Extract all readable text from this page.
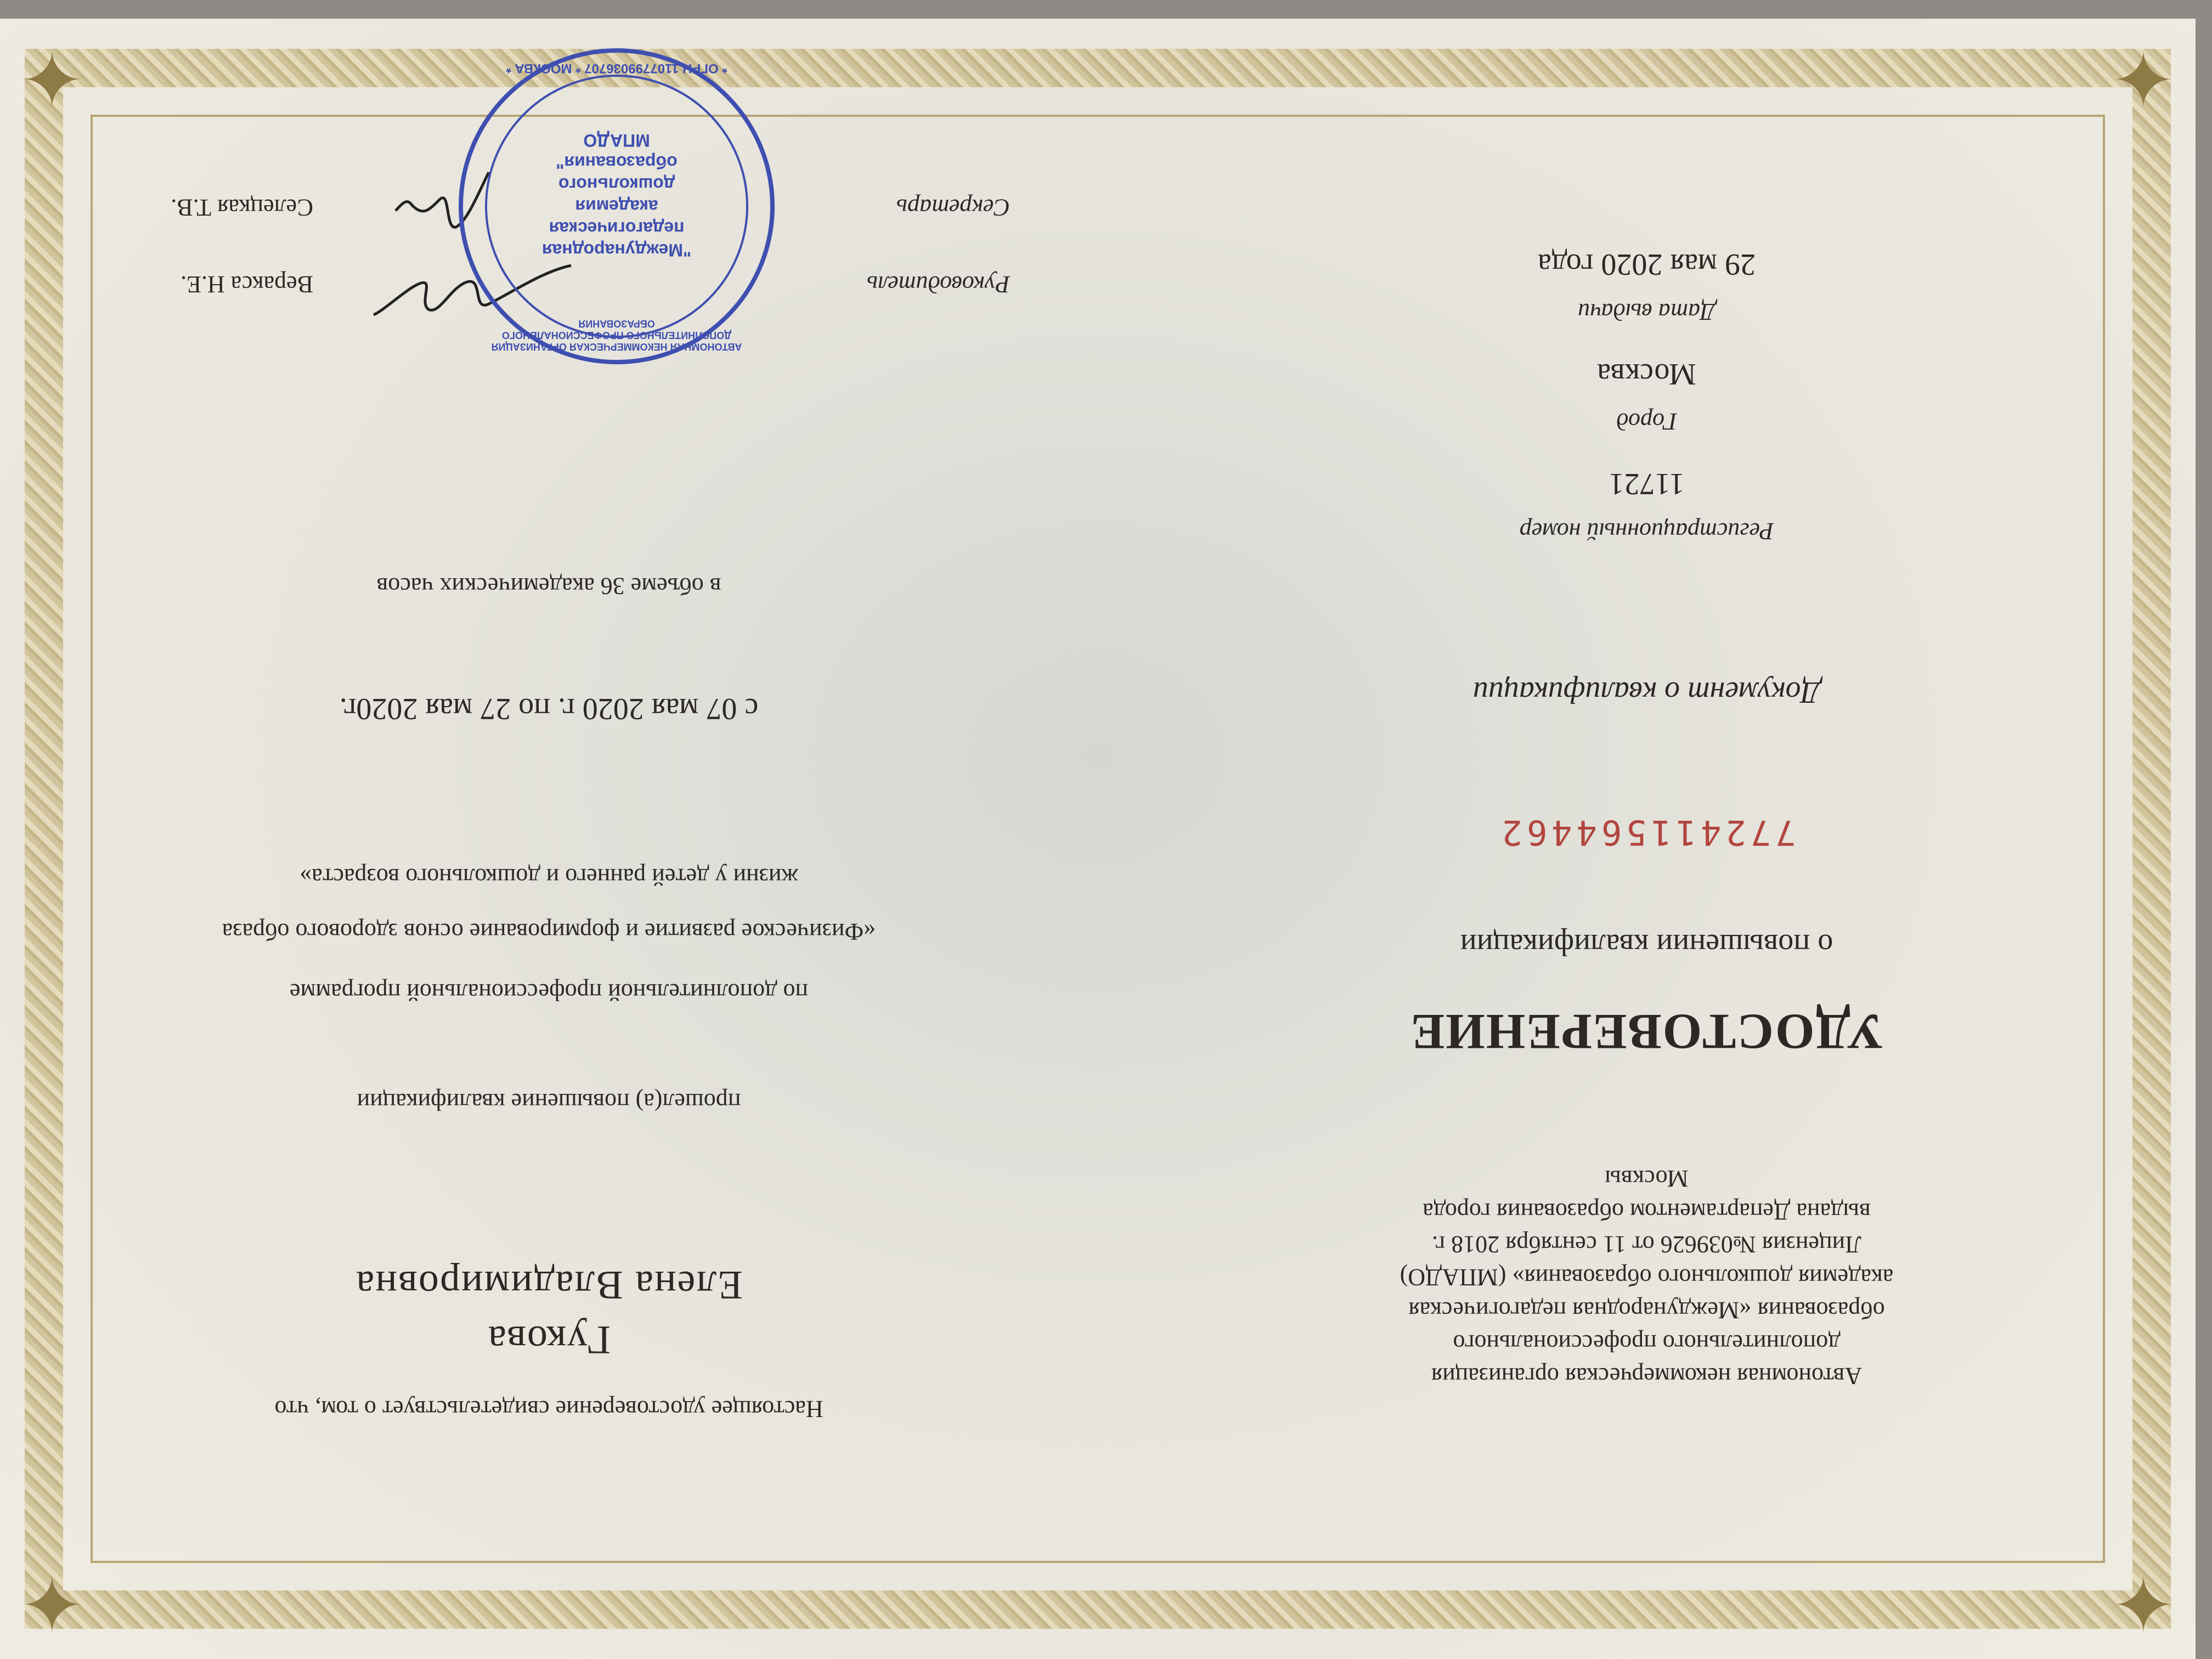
✦
✦
✦
✦
Автономная некоммерческая организация
дополнительного профессионального
образования «Международная педагогическая
академия дошкольного образования» (МПАДО)
Лицензия №039626 от 11 сентября 2018 г.
выдана Департаментом образования города
Москвы
УДОСТОВЕРЕНИЕ
о повышении квалификации
772411564462
Документ о квалификации
Регистрационный номер
11721
Город
Москва
Дата выдачи
29 мая 2020 года
Настоящее удостоверение свидетельствует о том, что
Гукова
Елена Владимировна
прошел(а) повышение квалификации
по дополнительной профессиональной программе
«Физическое развитие и формирование основ здорового образа
жизни у детей раннего и дошкольного возраста»
с 07 мая 2020 г. по 27 мая 2020г.
в объеме 36 академических часов
Руководитель
Веракса Н.Е.
Секретарь
Селецкая Т.В.
АВТОНОМНАЯ НЕКОММЕРЧЕСКАЯ ОРГАНИЗАЦИЯ ДОПОЛНИТЕЛЬНОГО ПРОФЕССИОНАЛЬНОГО ОБРАЗОВАНИЯ
* ОГРН 1107799036707 * МОСКВА *
"Международная
педагогическая
академия
дошкольного
образования"
МПАДО
